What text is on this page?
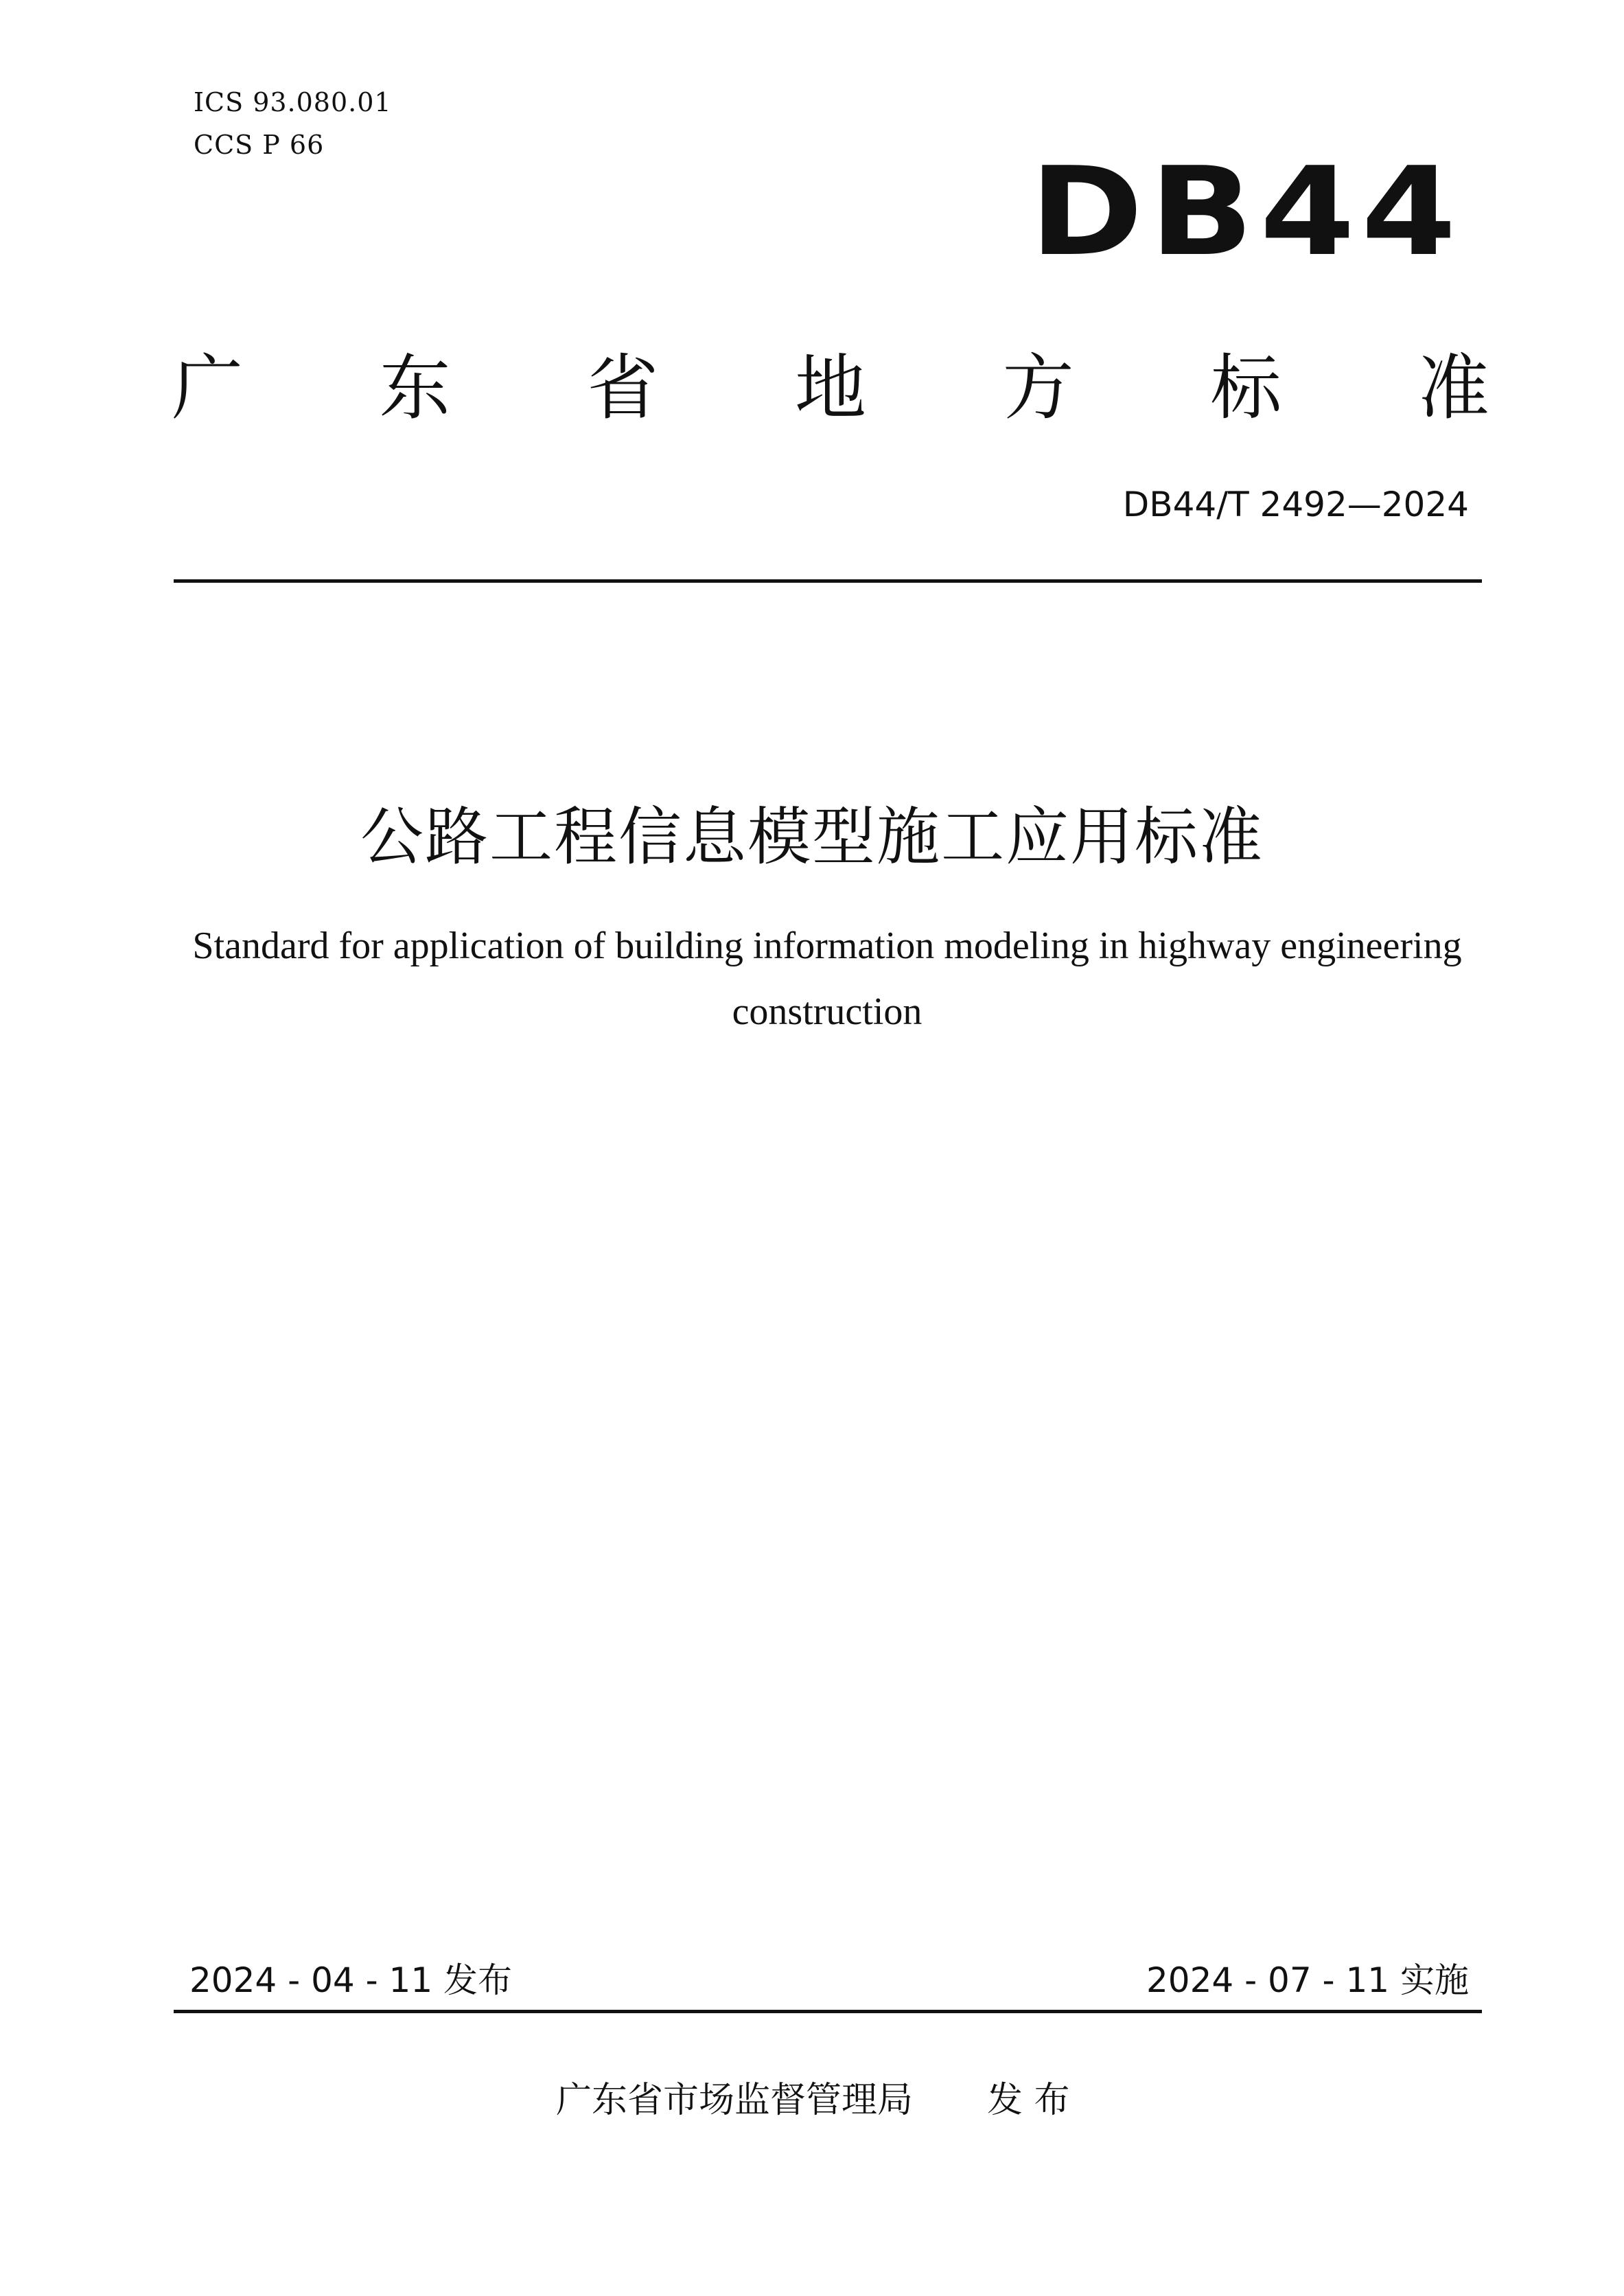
ICS 93.080.01
CCS P 66	DB44
广 东 省 地 方 标 准
DB44/T 2492—2024
公路工程信息模型施工应用标准
Standard for application of building information modeling in highway engineering
construction
2024 - 04 - 11 发布	2024 - 07 - 11 实施
广东省市场监督管理局 发 布
